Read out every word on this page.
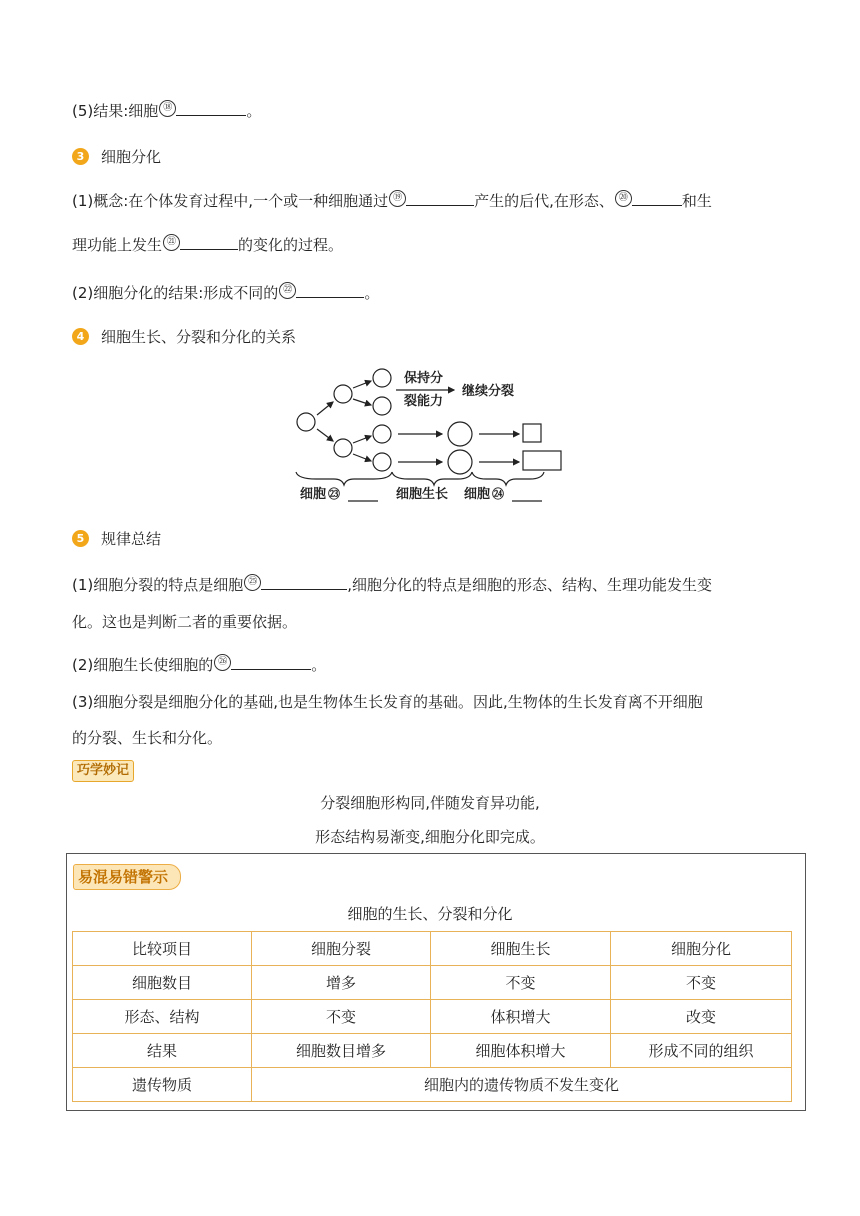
(5)结果:细胞 ⑱	。
3	细胞分化
(1)概念:在个体发育过程中,一个或一种细胞通过 ⑲	产生的后代,在形态、 ⑳	和生
理功能上发生 ㉑	的变化的过程。
(2)细胞分化的结果:形成不同的 ㉒	。
4	细胞生长、分裂和分化的关系
保持分
裂能力
继续分裂
细胞 ㉓	细胞生长 细胞 ㉔
5	规律总结
(1)细胞分裂的特点是细胞 ㉕	,细胞分化的特点是细胞的形态、结构、生理功能发生变
化。这也是判断二者的重要依据。
(2)细胞生长使细胞的 ㉖	。
(3)细胞分裂是细胞分化的基础,也是生物体生长发育的基础。因此,生物体的生长发育离不开细胞
的分裂、生长和分化。
巧学妙记
分裂细胞形构同,伴随发育异功能,
形态结构易渐变,细胞分化即完成。
易混易错警示
细胞的生长、分裂和分化
比较项目	细胞分裂	细胞生长	细胞分化
细胞数目	增多	不变	不变
形态、结构	不变	体积增大	改变
结果	细胞数目增多	细胞体积增大	形成不同的组织
遗传物质	细胞内的遗传物质不发生变化		
